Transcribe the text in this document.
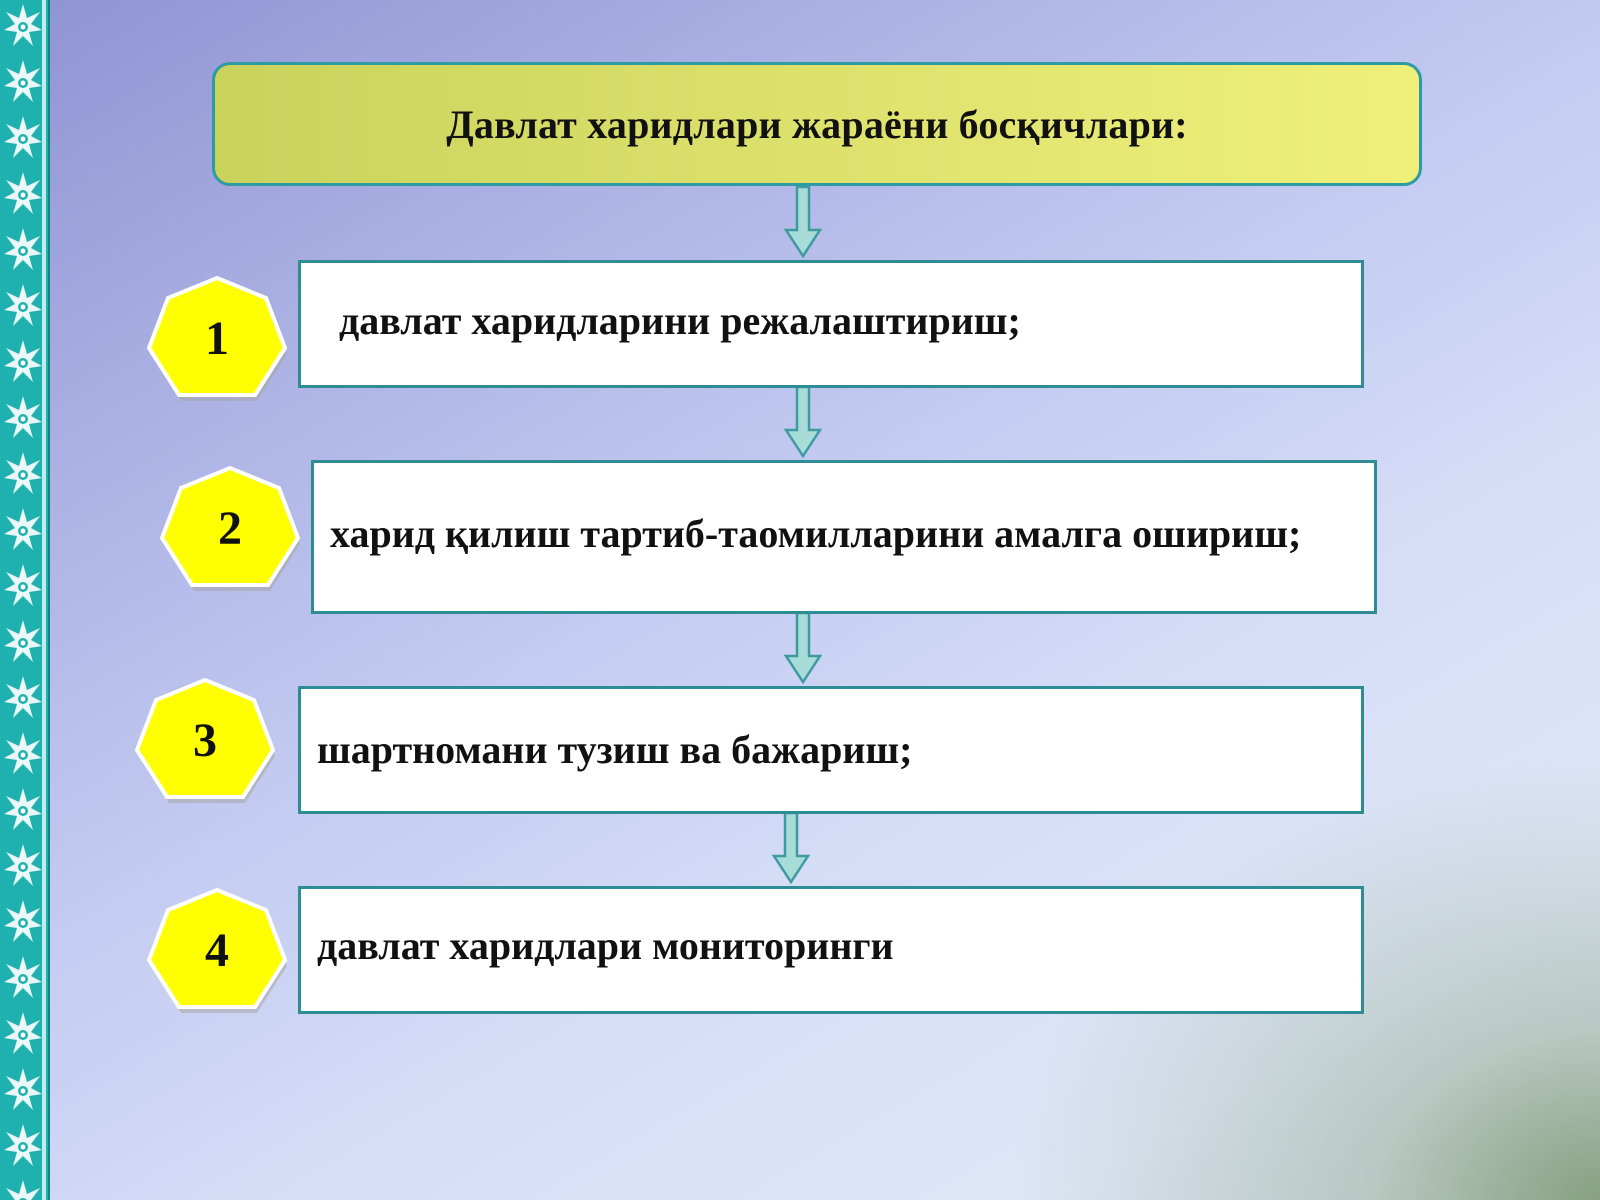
Давлат харидлари жараёни босқичлари:
1	давлат харидларини режалаштириш;
2	харид қилиш тартиб-таомилларини амалга ошириш;
3	шартномани тузиш ва бажариш;
4	давлат харидлари мониторинги
